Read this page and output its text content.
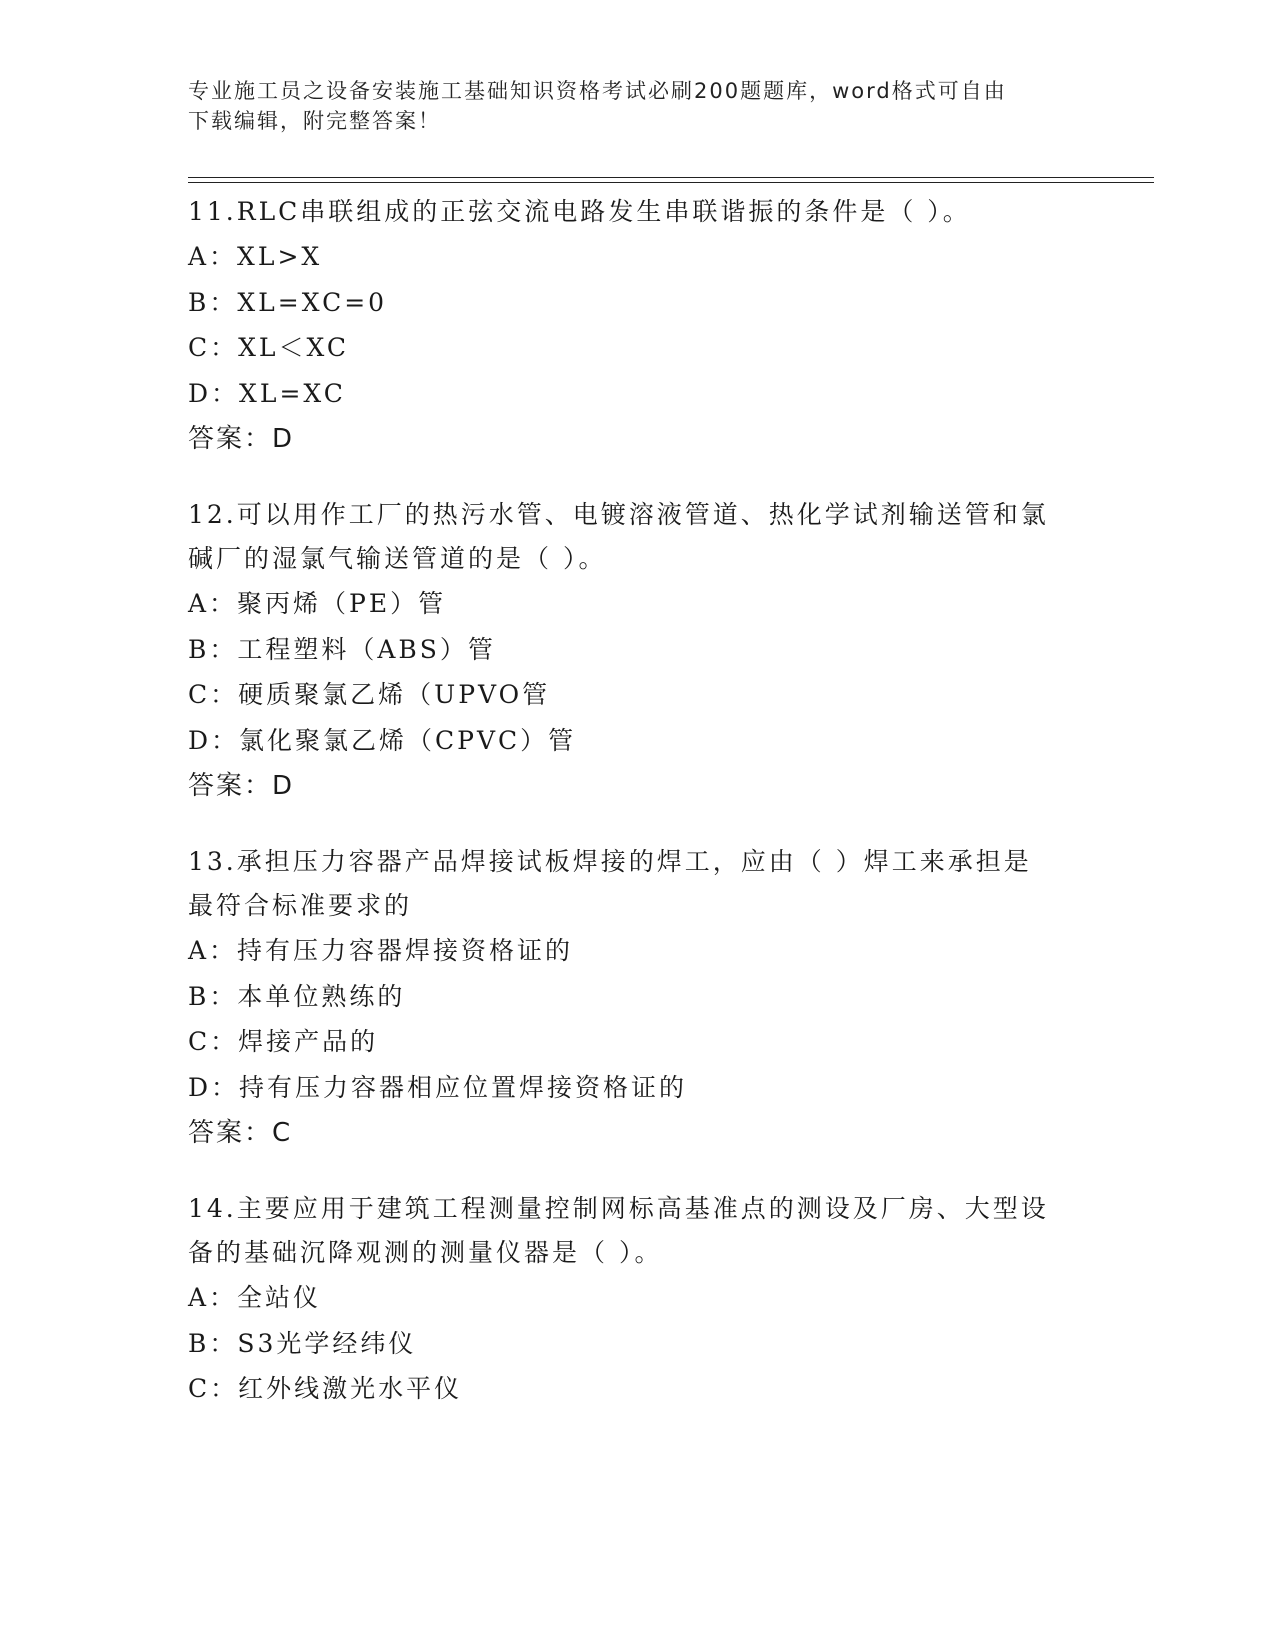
专业施工员之设备安装施工基础知识资格考试必刷200题题库，word格式可自由
下载编辑，附完整答案！

11.RLC串联组成的正弦交流电路发生串联谐振的条件是（ ）。

A：XL>X

B：XL=XC=0

C：XL＜XC

D：XL=XC

答案：D

12.可以用作工厂的热污水管、电镀溶液管道、热化学试剂输送管和氯

碱厂的湿氯气输送管道的是（ ）。

A：聚丙烯（PE）管

B：工程塑料（ABS）管

C：硬质聚氯乙烯（UPVO管

D：氯化聚氯乙烯（CPVC）管

答案：D

13.承担压力容器产品焊接试板焊接的焊工，应由（ ）焊工来承担是

最符合标准要求的

A：持有压力容器焊接资格证的

B：本单位熟练的

C：焊接产品的

D：持有压力容器相应位置焊接资格证的

答案：C

14.主要应用于建筑工程测量控制网标高基准点的测设及厂房、大型设

备的基础沉降观测的测量仪器是（ ）。

A：全站仪

B：S3光学经纬仪

C：红外线激光水平仪
